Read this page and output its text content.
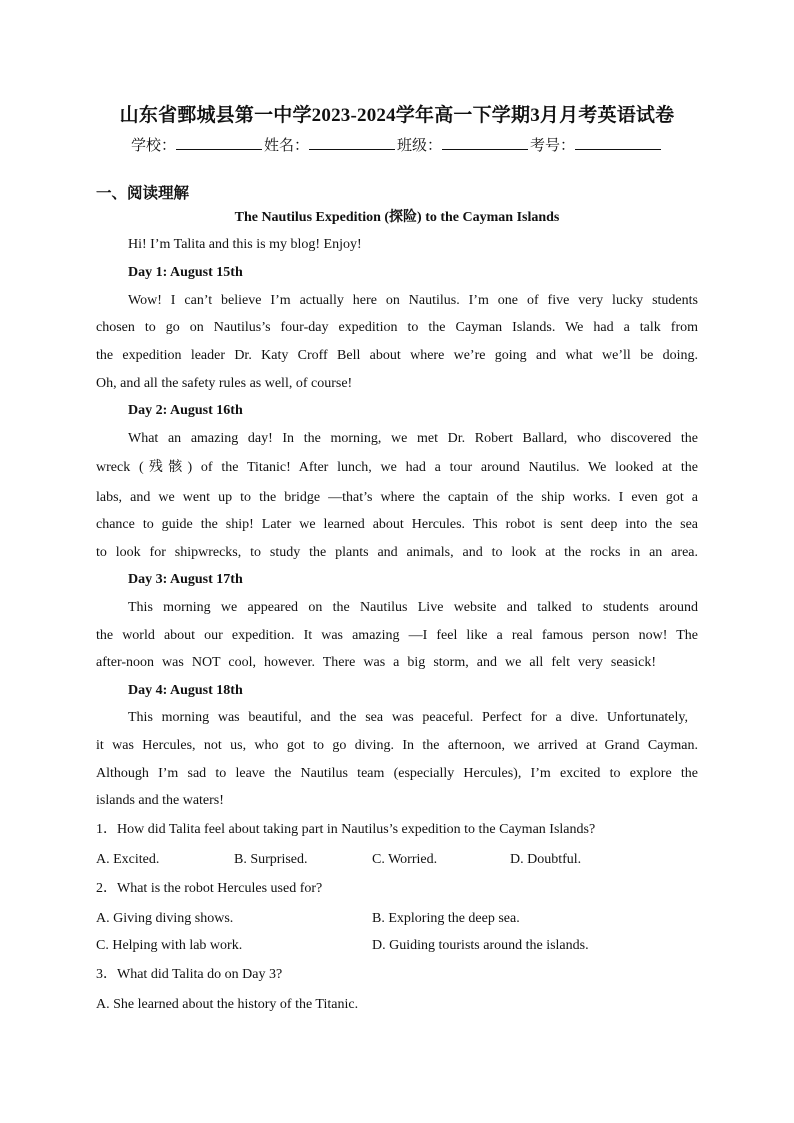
山东省鄄城县第一中学2023-2024学年高一下学期3月月考英语试卷
学校：	姓名：	班级：	考号：
一、阅读理解
The Nautilus Expedition (探险) to the Cayman Islands
Hi! I’m Talita and this is my blog! Enjoy!
Day 1: August 15th
Wow! I can’t believe I’m actually here on Nautilus. I’m one of five very lucky students
chosen to go on Nautilus’s four-day expedition to the Cayman Islands. We had a talk from
the expedition leader Dr. Katy Croff Bell about where we’re going and what we’ll be doing.
Oh, and all the safety rules as well, of course!
Day 2: August 16th
What an amazing day! In the morning, we met Dr. Robert Ballard, who discovered the
wreck (残骸) of the Titanic! After lunch, we had a tour around Nautilus. We looked at the
labs, and we went up to the bridge —that’s where the captain of the ship works. I even got a
chance to guide the ship! Later we learned about Hercules. This robot is sent deep into the sea
to look for shipwrecks, to study the plants and animals, and to look at the rocks in an area.
Day 3: August 17th
This morning we appeared on the Nautilus Live website and talked to students around
the world about our expedition. It was amazing —I feel like a real famous person now! The
after-noon was NOT cool, however. There was a big storm, and we all felt very seasick!
Day 4: August 18th
This morning was beautiful, and the sea was peaceful. Perfect for a dive. Unfortunately,
it was Hercules, not us, who got to go diving. In the afternoon, we arrived at Grand Cayman.
Although I’m sad to leave the Nautilus team (especially Hercules), I’m excited to explore the
islands and the waters!
1．How did Talita feel about taking part in Nautilus’s expedition to the Cayman Islands?
A. Excited.	B. Surprised.	C. Worried.	D. Doubtful.
2．What is the robot Hercules used for?
A. Giving diving shows.	B. Exploring the deep sea.
C. Helping with lab work.	D. Guiding tourists around the islands.
3．What did Talita do on Day 3?
A. She learned about the history of the Titanic.
